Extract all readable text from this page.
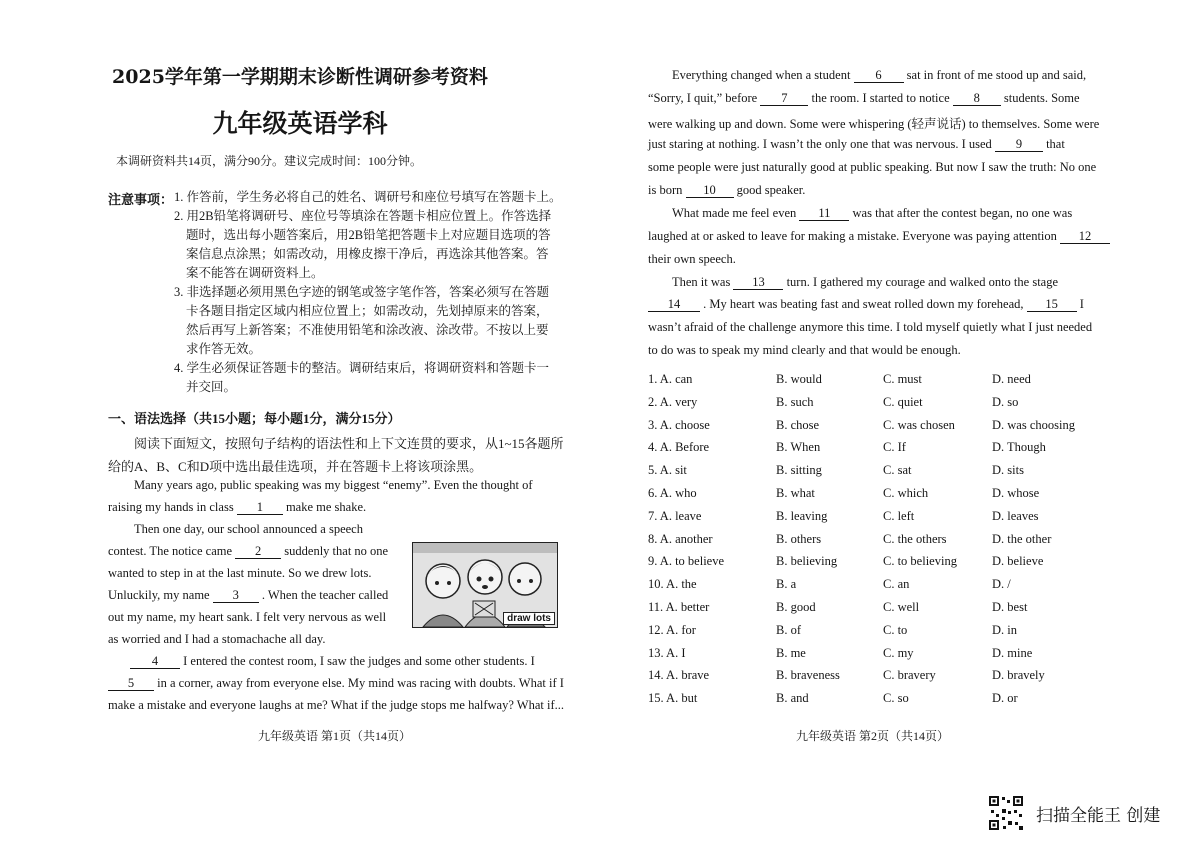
2025学年第一学期期末诊断性调研参考资料
九年级英语学科
本调研资料共14页，满分90分。建议完成时间：100分钟。
注意事项： 1. 作答前，学生务必将自己的姓名、调研号和座位号填写在答题卡上。
2. 用2B铅笔将调研号、座位号等填涂在答题卡相应位置上。作答选择
题时，选出每小题答案后，用2B铅笔把答题卡上对应题目选项的答
案信息点涂黑；如需改动，用橡皮擦干净后，再选涂其他答案。答
案不能答在调研资料上。
3. 非选择题必须用黑色字迹的钢笔或签字笔作答，答案必须写在答题
卡各题目指定区域内相应位置上；如需改动，先划掉原来的答案，
然后再写上新答案；不准使用铅笔和涂改液、涂改带。不按以上要
求作答无效。
4. 学生必须保证答题卡的整洁。调研结束后，将调研资料和答题卡一
并交回。
一、语法选择（共15小题；每小题1分，满分15分）
阅读下面短文，按照句子结构的语法性和上下文连贯的要求，从1~15各题所
给的A、B、C和D项中选出最佳选项，并在答题卡上将该项涂黑。
Many years ago, public speaking was my biggest “enemy”. Even the thought of
raising my hands in class 1 make me shake.
Then one day, our school announced a speech
contest. The notice came 2 suddenly that no one
wanted to step in at the last minute. So we drew lots.
Unluckily, my name 3 . When the teacher called
out my name, my heart sank. I felt very nervous as well
as worried and I had a stomachache all day.
4 I entered the contest room, I saw the judges and some other students. I
5 in a corner, away from everyone else. My mind was racing with doubts. What if I
make a mistake and everyone laughs at me? What if the judge stops me halfway? What if...
draw lots
九年级英语 第1页（共14页）
Everything changed when a student 6 sat in front of me stood up and said,
“Sorry, I quit,” before 7 the room. I started to notice 8 students. Some
were walking up and down. Some were whispering (轻声说话) to themselves. Some were
just staring at nothing. I wasn’t the only one that was nervous. I used 9 that
some people were just naturally good at public speaking. But now I saw the truth: No one
is born 10 good speaker.
What made me feel even 11 was that after the contest began, no one was
laughed at or asked to leave for making a mistake. Everyone was paying attention 12
their own speech.
Then it was 13 turn. I gathered my courage and walked onto the stage
14 . My heart was beating fast and sweat rolled down my forehead, 15 I
wasn’t afraid of the challenge anymore this time. I told myself quietly what I just needed
to do was to speak my mind clearly and that would be enough.
1. A. can	B. would	C. must	D. need
2. A. very	B. such	C. quiet	D. so
3. A. choose	B. chose	C. was chosen	D. was choosing
4. A. Before	B. When	C. If	D. Though
5. A. sit	B. sitting	C. sat	D. sits
6. A. who	B. what	C. which	D. whose
7. A. leave	B. leaving	C. left	D. leaves
8. A. another	B. others	C. the others	D. the other
9. A. to believe	B. believing	C. to believing	D. believe
10. A. the	B. a	C. an	D. /
11. A. better	B. good	C. well	D. best
12. A. for	B. of	C. to	D. in
13. A. I	B. me	C. my	D. mine
14. A. brave	B. braveness	C. bravery	D. bravely
15. A. but	B. and	C. so	D. or
九年级英语 第2页（共14页）
扫描全能王 创建
